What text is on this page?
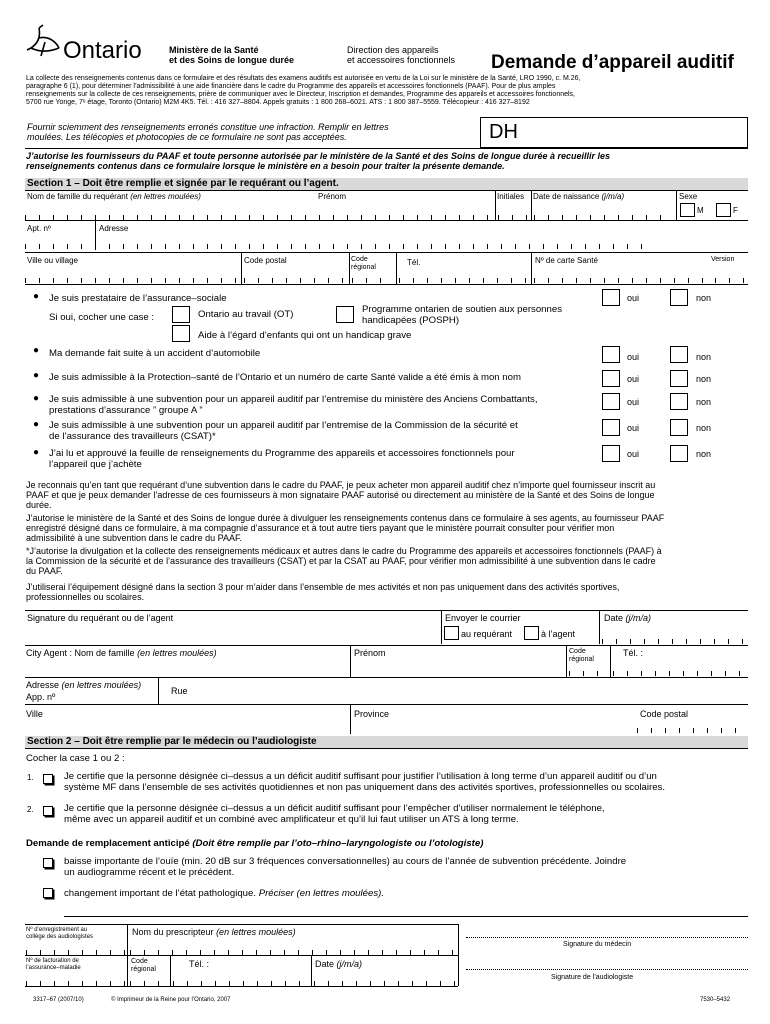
Ontario	Ministère de la Santé
et des Soins de longue durée
Direction des appareils
et accessoires fonctionnels Demande d’appareil auditif
La collecte des renseignements contenus dans ce formulaire et des résultats des examens auditifs est autorisée en vertu de la Loi sur le ministère de la Santé, LRO 1990, c. M.26,
paragraphe 6 (1), pour déterminer l’admissibilité à une aide financière dans le cadre du Programme des appareils et accessoires fonctionnels (PAAF). Pour de plus amples
renseignements sur la collecte de ces renseignements, prière de communiquer avec le Directeur, Inscription et demandes, Programme des appareils et accessoires fonctionnels,
5700 rue Yonge, 7ᵉ étage, Toronto (Ontario) M2M 4K5. Tél. : 416 327–8804. Appels gratuits : 1 800 268–6021. ATS : 1 800 387–5559. Télécopieur : 416 327–8192
Fournir sciemment des renseignements erronés constitue une infraction. Remplir en lettres
moulées. Les télécopies et photocopies de ce formulaire ne sont pas acceptées.	DH
J’autorise les fournisseurs du PAAF et toute personne autorisée par le ministère de la Santé et des Soins de longue durée à recueillir les
renseignements contenus dans ce formulaire lorsque le ministère en a besoin pour traiter la présente demande.
Section 1 – Doit être remplie et signée par le requérant ou l’agent.
Nom de famille du requérant (en lettres moulées)	Prénom	Initiales Date de naissance (j/m/a)	Sexe
M	F
Apt. nº	Adresse
Ville ou village	Code postal	Code
régional
Tél.	Nº de carte Santé	Version
● Je suis prestataire de l’assurance–sociale
Si oui, cocher une case :	Ontario au travail (OT)	Programme ontarien de soutien aux personnes
handicapées (POSPH)
Aide à l’égard d’enfants qui ont un handicap grave
oui	non
● Ma demande fait suite à un accident d’automobile	oui	non
● Je suis admissible à la Protection–santé de l’Ontario et un numéro de carte Santé valide a été émis à mon nom	oui	non
● Je suis admissible à une subvention pour un appareil auditif par l’entremise du ministère des Anciens Combattants,
prestations d’assurance ” groupe A ”
oui	non
● Je suis admissible à une subvention pour un appareil auditif par l’entremise de la Commission de la sécurité et
de l’assurance des travailleurs (CSAT)*
oui	non
● J’ai lu et approuvé la feuille de renseignements du Programme des appareils et accessoires fonctionnels pour
l’appareil que j’achète
oui	non
Je reconnais qu’en tant que requérant d’une subvention dans le cadre du PAAF, je peux acheter mon appareil auditif chez n’importe quel fournisseur inscrit au
PAAF et que je peux demander l’adresse de ces fournisseurs à mon signataire PAAF autorisé ou directement au ministère de la Santé et des Soins de longue
durée.
J’autorise le ministère de la Santé et des Soins de longue durée à divulguer les renseignements contenus dans ce formulaire à ses agents, au fournisseur PAAF
enregistré désigné dans ce formulaire, à ma compagnie d’assurance et à tout autre tiers payant que le ministère pourrait consulter pour vérifier mon
admissibilité à une subvention dans le cadre du PAAF.
*J’autorise la divulgation et la collecte des renseignements médicaux et autres dans le cadre du Programme des appareils et accessoires fonctionnels (PAAF) à
la Commission de la sécurité et de l’assurance des travailleurs (CSAT) et par la CSAT au PAAF, pour vérifier mon admissibilité à une subvention dans le cadre
du PAAF.
J’utiliserai l’équipement désigné dans la section 3 pour m’aider dans l’ensemble de mes activités et non pas uniquement dans des activités sportives,
professionnelles ou scolaires.
Signature du requérant ou de l’agent	Envoyer le courrier
au requérant	à l’agent
Date (j/m/a)
City Agent : Nom de famille (en lettres moulées)	Prénom	Code
régional
Tél. :
Adresse (en lettres moulées)
App. nº
Rue
Ville	Province	Code postal
Section 2 – Doit être remplie par le médecin ou l’audiologiste
Cocher la case 1 ou 2 :
1.	Je certifie que la personne désignée ci–dessus a un déficit auditif suffisant pour justifier l’utilisation à long terme d’un appareil auditif ou d’un
système MF dans l’ensemble de ses activités quotidiennes et non pas uniquement dans des activités sportives, professionnelles ou scolaires.
2.	Je certifie que la personne désignée ci–dessus a un déficit auditif suffisant pour l’empêcher d’utiliser normalement le téléphone,
même avec un appareil auditif et un combiné avec amplificateur et qu’il lui faut utiliser un ATS à long terme.
Demande de remplacement anticipé (Doit être remplie par l’oto–rhino–laryngologiste ou l’otologiste)
baisse importante de l’ouïe (min. 20 dB sur 3 fréquences conversationnelles) au cours de l’année de subvention précédente. Joindre
un audiogramme récent et le précédent.
changement important de l’état pathologique. Préciser (en lettres moulées).
Nº d’enregistrement au
collège des audiologistes	Nom du prescripteur (en lettres moulées)
Nº de facturation de
l’assurance–maladie
Code
régional
Tél. :	Date (j/m/a)
Signature du médecin
Signature de l’audiologiste
3317–67 (2007/10)	© Imprimeur de la Reine pour l’Ontario, 2007	7530–5432
